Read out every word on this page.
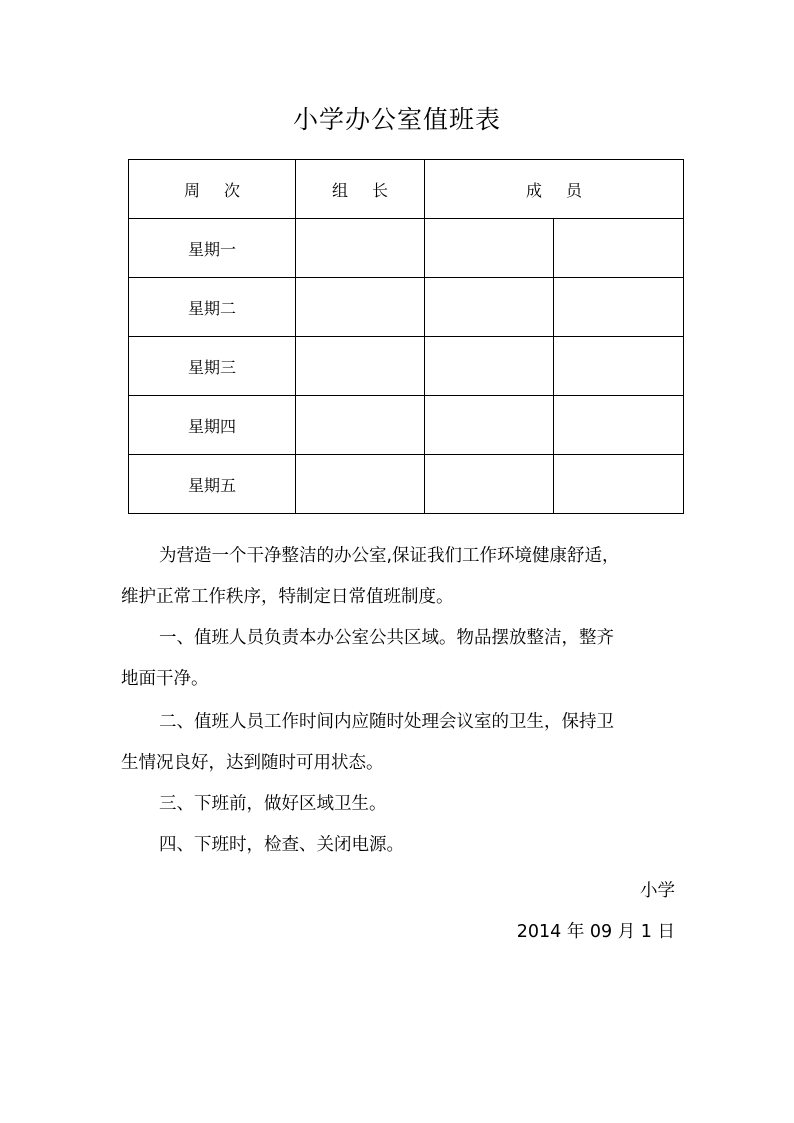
小学办公室值班表
周 次	组 长	成 员	
星期一			
星期二			
星期三			
星期四			
星期五			
为营造一个干净整洁的办公室,保证我们工作环境健康舒适，
维护正常工作秩序，特制定日常值班制度。
一、值班人员负责本办公室公共区域。物品摆放整洁，整齐
地面干净。
二、值班人员工作时间内应随时处理会议室的卫生，保持卫
生情况良好，达到随时可用状态。
三、下班前，做好区域卫生。
四、下班时，检查、关闭电源。
小学
2014 年 09 月 1 日
